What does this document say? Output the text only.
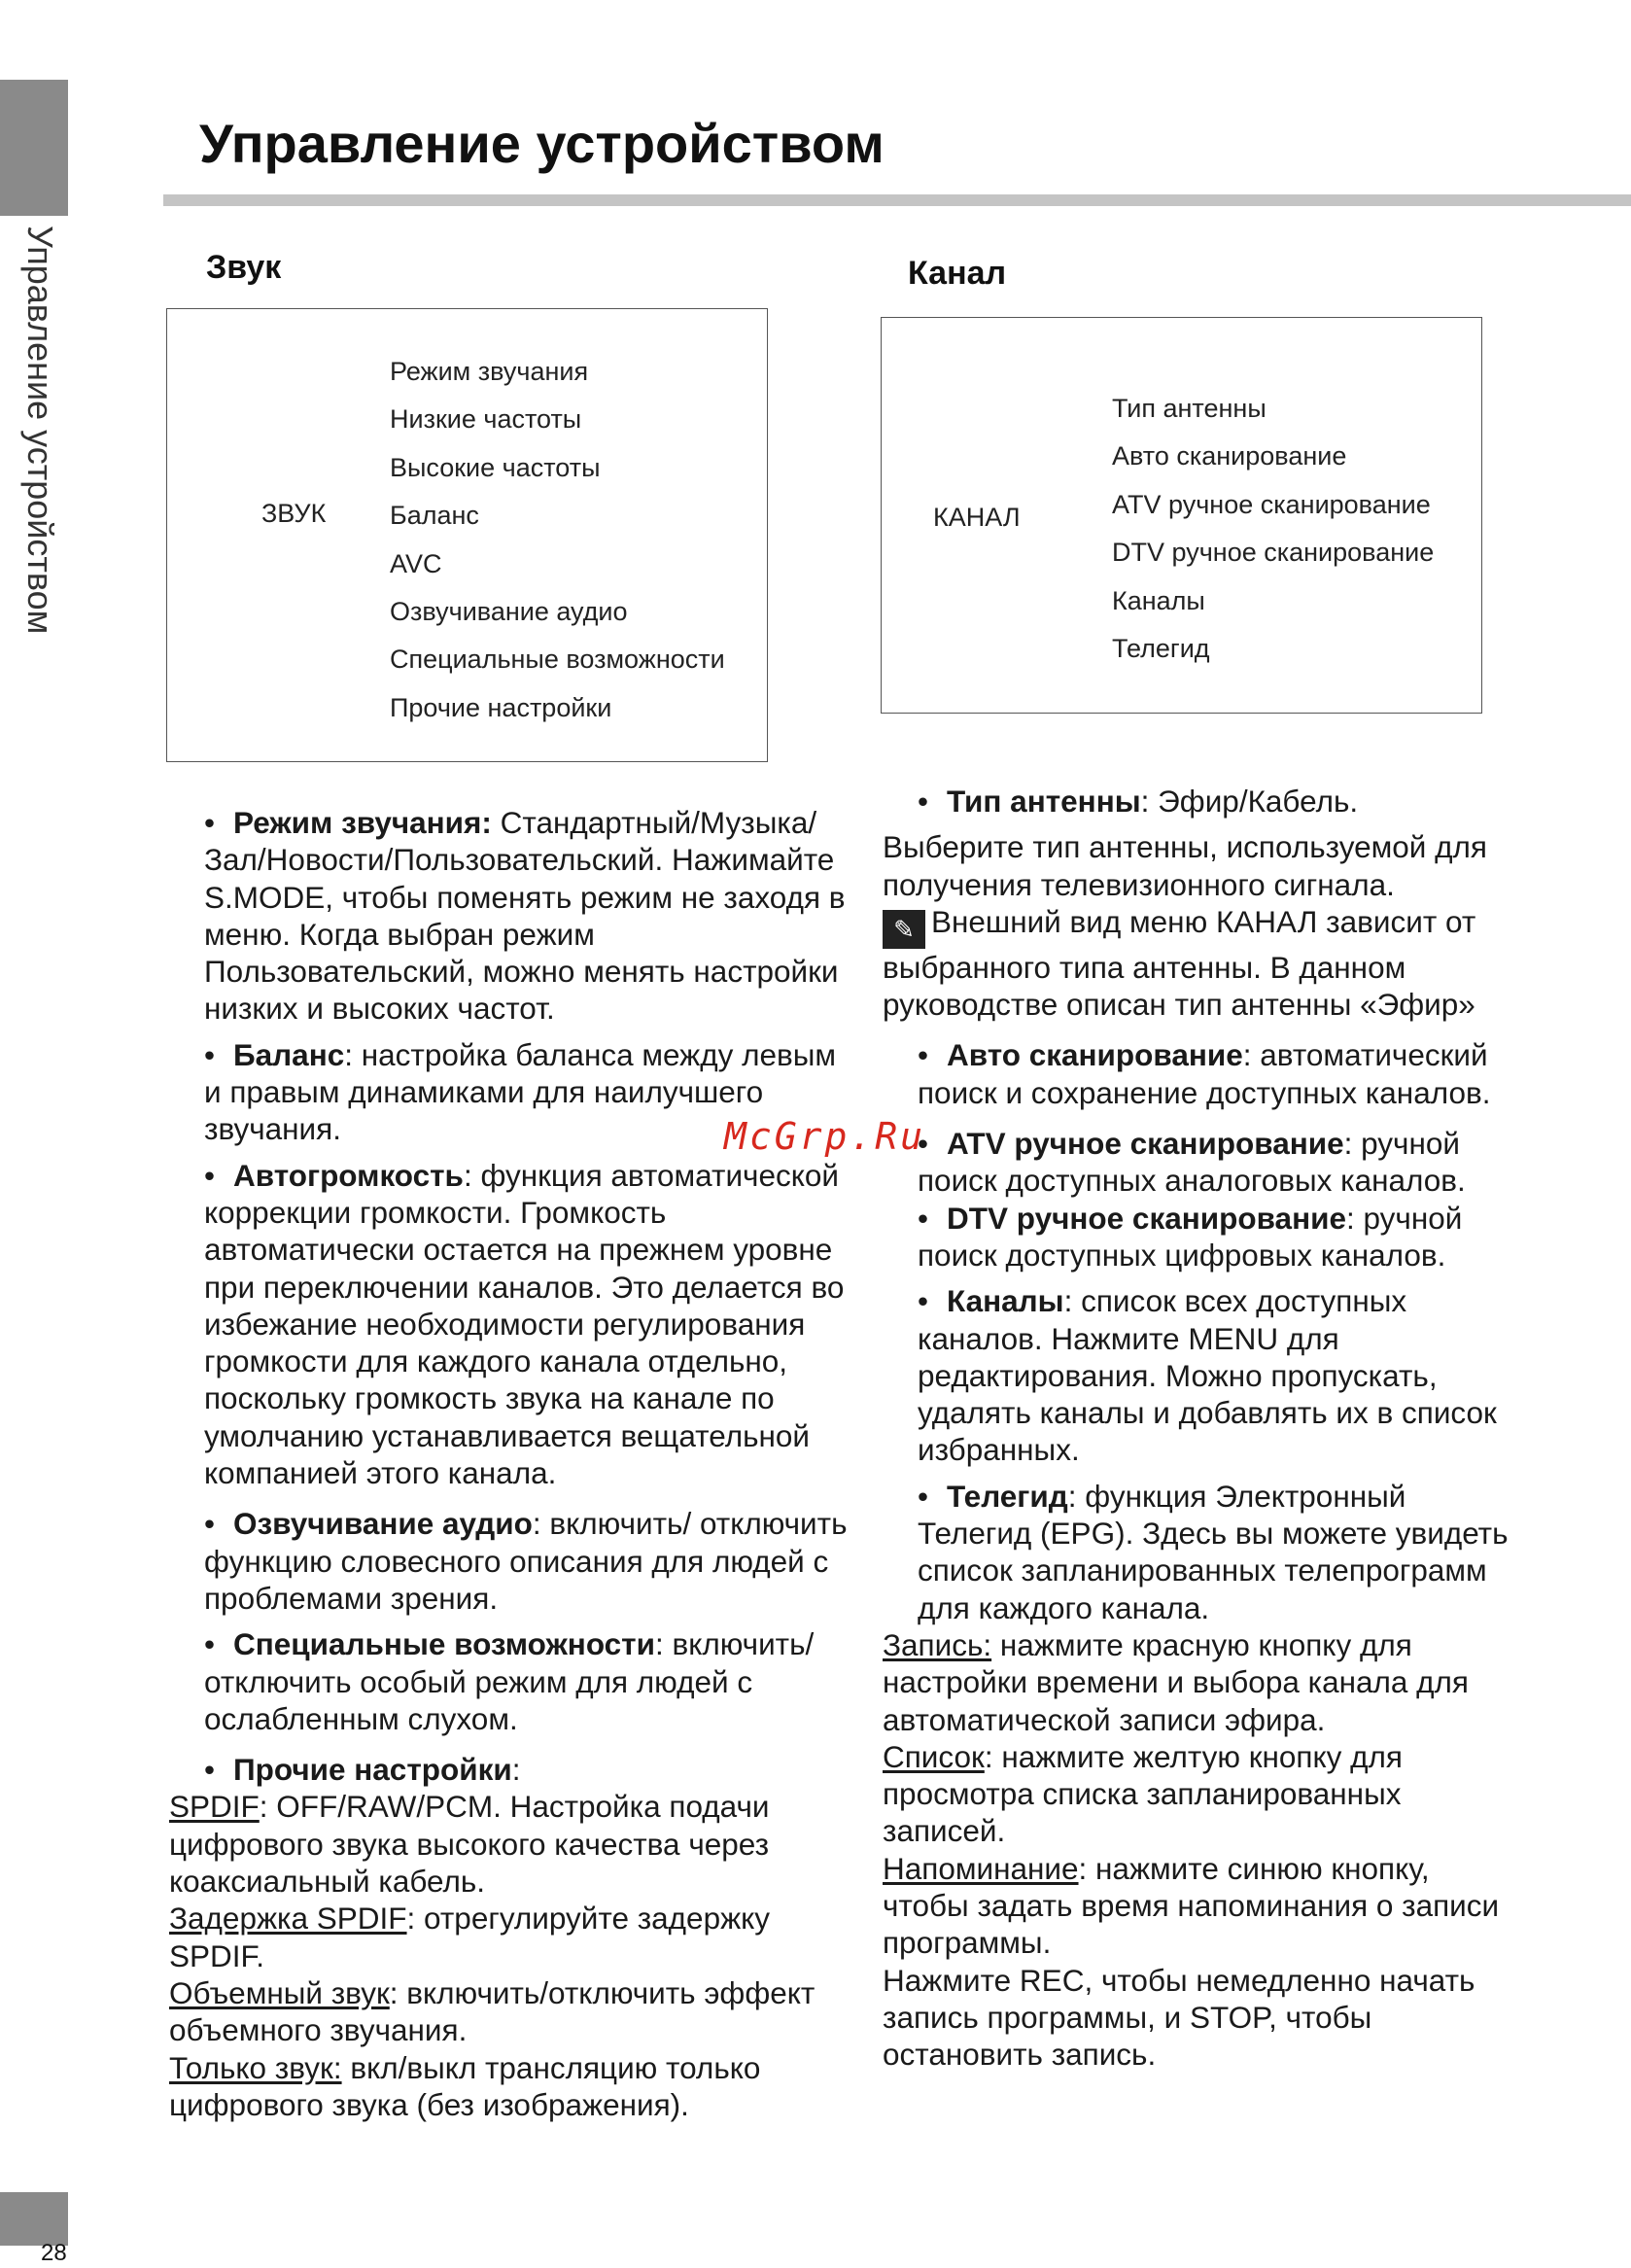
Управление устройством
28
Управление устройством
Звук
ЗВУК
Режим звучания
Низкие частоты
Высокие частоты
Баланс
AVC
Озвучивание аудио
Специальные возможности
Прочие настройки
Канал
КАНАЛ
Тип антенны
Авто сканирование
ATV ручное сканирование
DTV ручное сканирование
Каналы
Телегид

• Режим звучания: Стандартный/Музыка/ Зал/Новости/Пользовательский. Нажимайте S.MODE, чтобы поменять режим не заходя в меню. Когда выбран режим Пользовательский, можно менять настройки низких и высоких частот.

• Баланс: настройка баланса между левым и правым динамиками для наилучшего звучания.

• Автогромкость: функция автоматической коррекции громкости. Громкость автоматически остается на прежнем уровне при переключении каналов. Это делается во избежание необходимости регулирования громкости для каждого канала отдельно, поскольку громкость звука на канале по умолчанию устанавливается вещательной компанией этого канала.

• Озвучивание аудио: включить/ отключить функцию словесного описания для людей с проблемами зрения.

• Специальные возможности: включить/отключить особый режим для людей с ослабленным слухом.

• Прочие настройки:

SPDIF: OFF/RAW/PCM. Настройка подачи цифрового звука высокого качества через коаксиальный кабель.

Задержка SPDIF: отрегулируйте задержку SPDIF.

Объемный звук: включить/отключить эффект объемного звучания.

Только звук: вкл/выкл трансляцию только цифрового звука (без изображения).

• Тип антенны: Эфир/Кабель.

Выберите тип антенны, используемой для получения телевизионного сигнала.

✎ Внешний вид меню КАНАЛ зависит от выбранного типа антенны. В данном руководстве описан тип антенны «Эфир»

• Авто сканирование: автоматический поиск и сохранение доступных каналов.

• ATV ручное сканирование: ручной поиск доступных аналоговых каналов.

• DTV ручное сканирование: ручной поиск доступных цифровых каналов.

• Каналы: список всех доступных каналов. Нажмите MENU для редактирования. Можно пропускать, удалять каналы и добавлять их в список избранных.

• Телегид: функция Электронный Телегид (EPG). Здесь вы можете увидеть список запланированных телепрограмм для каждого канала.

Запись: нажмите красную кнопку для настройки времени и выбора канала для автоматической записи эфира.

Список: нажмите желтую кнопку для просмотра списка запланированных записей.

Напоминание: нажмите синюю кнопку, чтобы задать время напоминания о записи программы.

Нажмите REC, чтобы немедленно начать запись программы, и STOP, чтобы остановить запись.

McGrp.Ru
